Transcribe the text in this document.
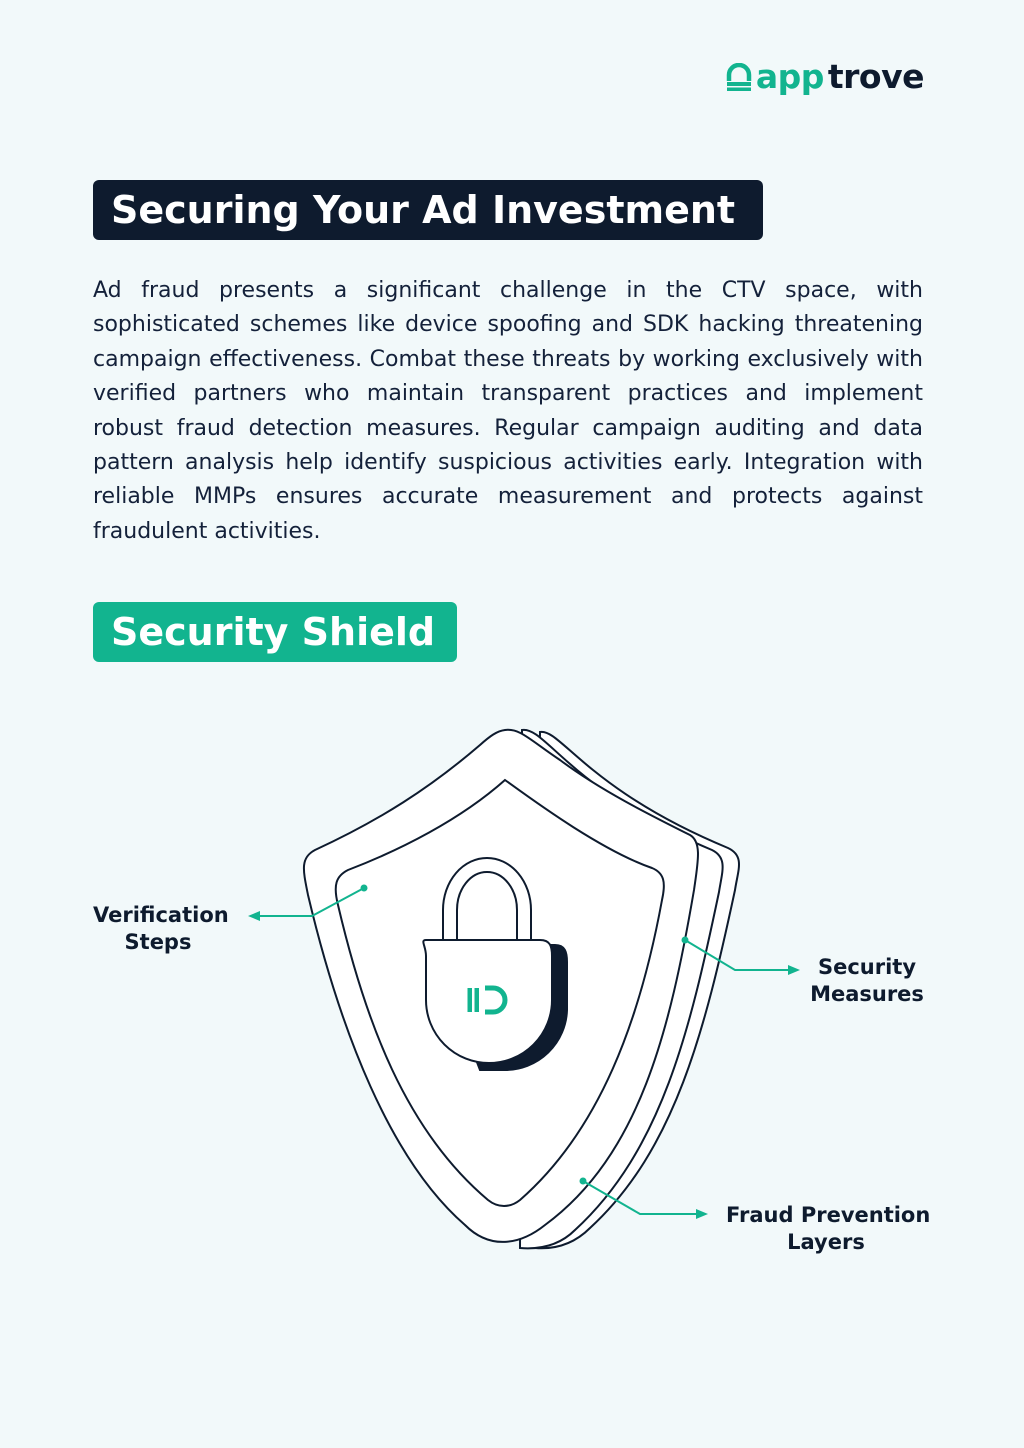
app trove
Securing Your Ad Investment

Ad fraud presents a significant challenge in the CTV space, with sophisticated schemes like device spoofing and SDK hacking threatening campaign effectiveness. Combat these threats by working exclusively with verified partners who maintain transparent practices and implement robust fraud detection measures. Regular campaign auditing and data pattern analysis help identify suspicious activities early. Integration with reliable MMPs ensures accurate measurement and protects against fraudulent activities.

Security Shield
Verification
Steps
Security
Measures
Fraud Prevention
Layers
